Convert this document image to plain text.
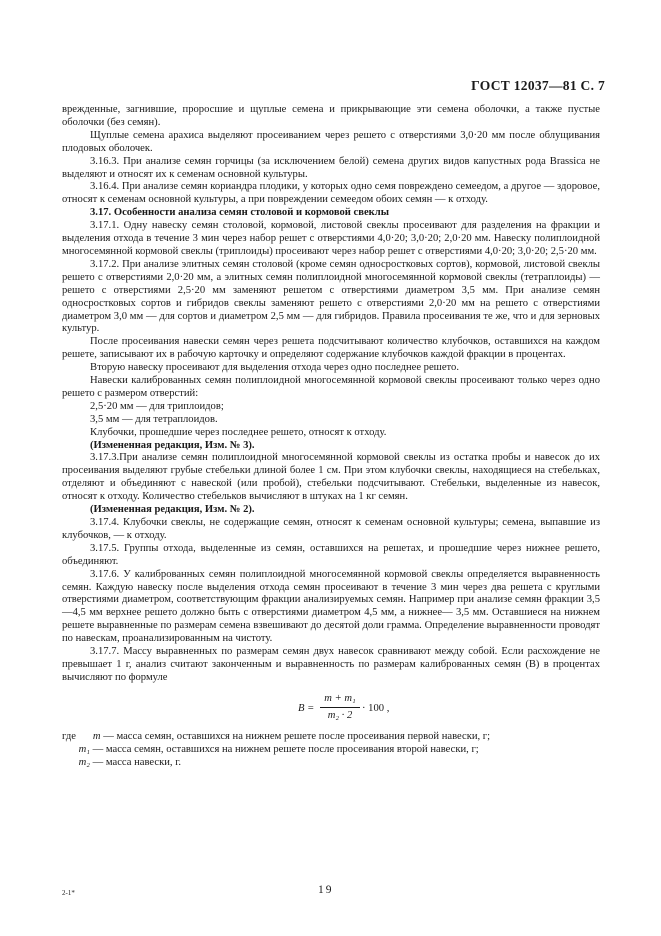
ГОСТ 12037—81 С. 7

врежденные, загнившие, проросшие и щуплые семена и прикрывающие эти семена оболочки, а также пустые оболочки (без семян).

Щуплые семена арахиса выделяют просеиванием через решето с отверстиями 3,0·20 мм после облущивания плодовых оболочек.

3.16.3. При анализе семян горчицы (за исключением белой) семена других видов капустных рода Brassica не выделяют и относят их к семенам основной культуры.

3.16.4. При анализе семян кориандра плодики, у которых одно семя повреждено семеедом, а другое — здоровое, относят к семенам основной культуры, а при повреждении семеедом обоих семян — к отходу.

3.17. Особенности анализа семян столовой и кормовой свеклы

3.17.1. Одну навеску семян столовой, кормовой, листовой свеклы просеивают для разделения на фракции и выделения отхода в течение 3 мин через набор решет с отверстиями 4,0·20; 3,0·20; 2,0·20 мм. Навеску полиплоидной многосемянной кормовой свеклы (триплоиды) просеивают через набор решет с отверстиями 4,0·20; 3,0·20; 2,5·20 мм.

3.17.2. При анализе элитных семян столовой (кроме семян односростковых сортов), кормовой, листовой свеклы решето с отверстиями 2,0·20 мм, а элитных семян полиплоидной многосемянной кормовой свеклы (тетраплоиды) — решето с отверстиями 2,5·20 мм заменяют решетом с отверстиями диаметром 3,5 мм. При анализе семян односростковых сортов и гибридов свеклы заменяют решето с отверстиями 2,0·20 мм на решето с отверстиями диаметром 3,0 мм — для сортов и диаметром 2,5 мм — для гибридов. Правила просеивания те же, что и для зерновых культур.

После просеивания навески семян через решета подсчитывают количество клубочков, оставшихся на каждом решете, записывают их в рабочую карточку и определяют содержание клубочков каждой фракции в процентах.

Вторую навеску просеивают для выделения отхода через одно последнее решето.

Навески калиброванных семян полиплоидной многосемянной кормовой свеклы просеивают только через одно решето с размером отверстий:

2,5·20 мм — для триплоидов;

3,5 мм — для тетраплоидов.

Клубочки, прошедшие через последнее решето, относят к отходу.

(Измененная редакция, Изм. № 3).

3.17.3.При анализе семян полиплоидной многосемянной кормовой свеклы из остатка пробы и навесок до их просеивания выделяют грубые стебельки длиной более 1 см. При этом клубочки свеклы, находящиеся на стебельках, отделяют и объединяют с навеской (или пробой), стебельки подсчитывают. Стебельки, выделенные из навесок, относят к отходу. Количество стебельков вычисляют в штуках на 1 кг семян.

(Измененная редакция, Изм. № 2).

3.17.4. Клубочки свеклы, не содержащие семян, относят к семенам основной культуры; семена, выпавшие из клубочков, — к отходу.

3.17.5. Группы отхода, выделенные из семян, оставшихся на решетах, и прошедшие через нижнее решето, объединяют.

3.17.6. У калиброванных семян полиплоидной многосемянной кормовой свеклы определяется выравненность семян. Каждую навеску после выделения отхода семян просеивают в течение 3 мин через два решета с круглыми отверстиями диаметром, соответствующим фракции анализируемых семян. Например при анализе семян фракции 3,5—4,5 мм верхнее решето должно быть с отверстиями диаметром 4,5 мм, а нижнее— 3,5 мм. Оставшиеся на нижнем решете выравненные по размерам семена взвешивают до десятой доли грамма. Определение выравненности проводят по навескам, проанализированным на чистоту.

3.17.7. Массу выравненных по размерам семян двух навесок сравнивают между собой. Если расхождение не превышает 1 г, анализ считают законченным и выравненность по размерам калиброванных семян (B) в процентах вычисляют по формуле

$B = \frac{\text{m + m₁}}{\text{m₂ · 2}} \cdot 100$ ,
где m — масса семян, оставшихся на нижнем решете после просеивания первой навески, г;
m₁ — масса семян, оставшихся на нижнем решете после просеивания второй навески, г;
m₂ — масса навески, г.
2-1*	19
